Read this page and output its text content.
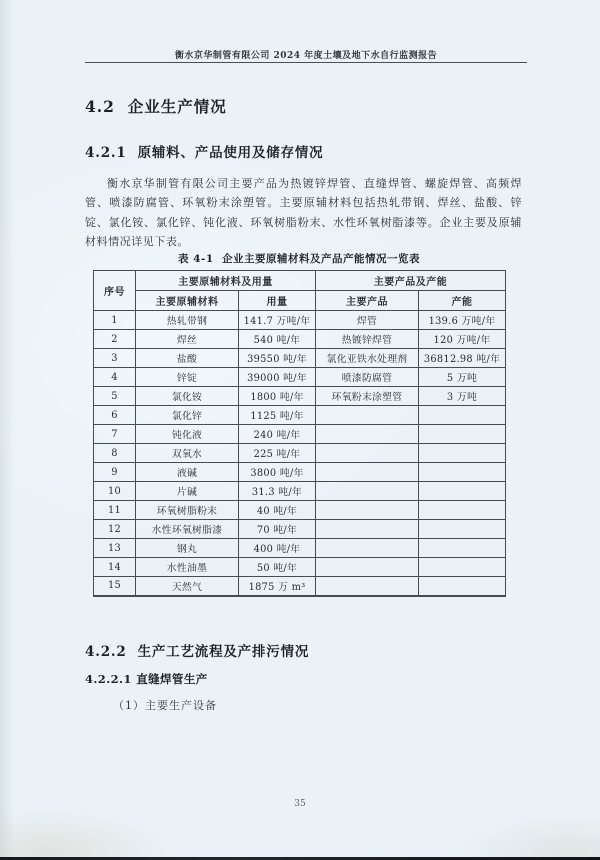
衡水京华制管有限公司 2024 年度土壤及地下水自行监测报告
4.2  企业生产情况
4.2.1  原辅料、产品使用及储存情况
衡水京华制管有限公司主要产品为热镀锌焊管、直缝焊管、螺旋焊管、高频焊管、喷漆防腐管、环氧粉末涂塑管。主要原辅材料包括热轧带钢、焊丝、盐酸、锌锭、氯化铵、氯化锌、钝化液、环氧树脂粉末、水性环氧树脂漆等。企业主要及原辅材料情况详见下表。
表 4-1  企业主要原辅材料及产品产能情况一览表
序号	主要原辅材料及用量		主要产品及产能	
	主要原辅材料	用量	主要产品	产能
1	热轧带钢	141.7 万吨/年	焊管	139.6 万吨/年
2	焊丝	540 吨/年	热镀锌焊管	120 万吨/年
3	盐酸	39550 吨/年	氯化亚铁水处理剂	36812.98 吨/年
4	锌锭	39000 吨/年	喷漆防腐管	5 万吨
5	氯化铵	1800 吨/年	环氧粉末涂塑管	3 万吨
6	氯化锌	1125 吨/年		
7	钝化液	240 吨/年		
8	双氧水	225 吨/年		
9	液碱	3800 吨/年		
10	片碱	31.3 吨/年		
11	环氧树脂粉末	40 吨/年		
12	水性环氧树脂漆	70 吨/年		
13	钢丸	400 吨/年		
14	水性油墨	50 吨/年		
15	天然气	1875 万 m³		
4.2.2  生产工艺流程及产排污情况
4.2.2.1 直缝焊管生产
（1）主要生产设备
35
